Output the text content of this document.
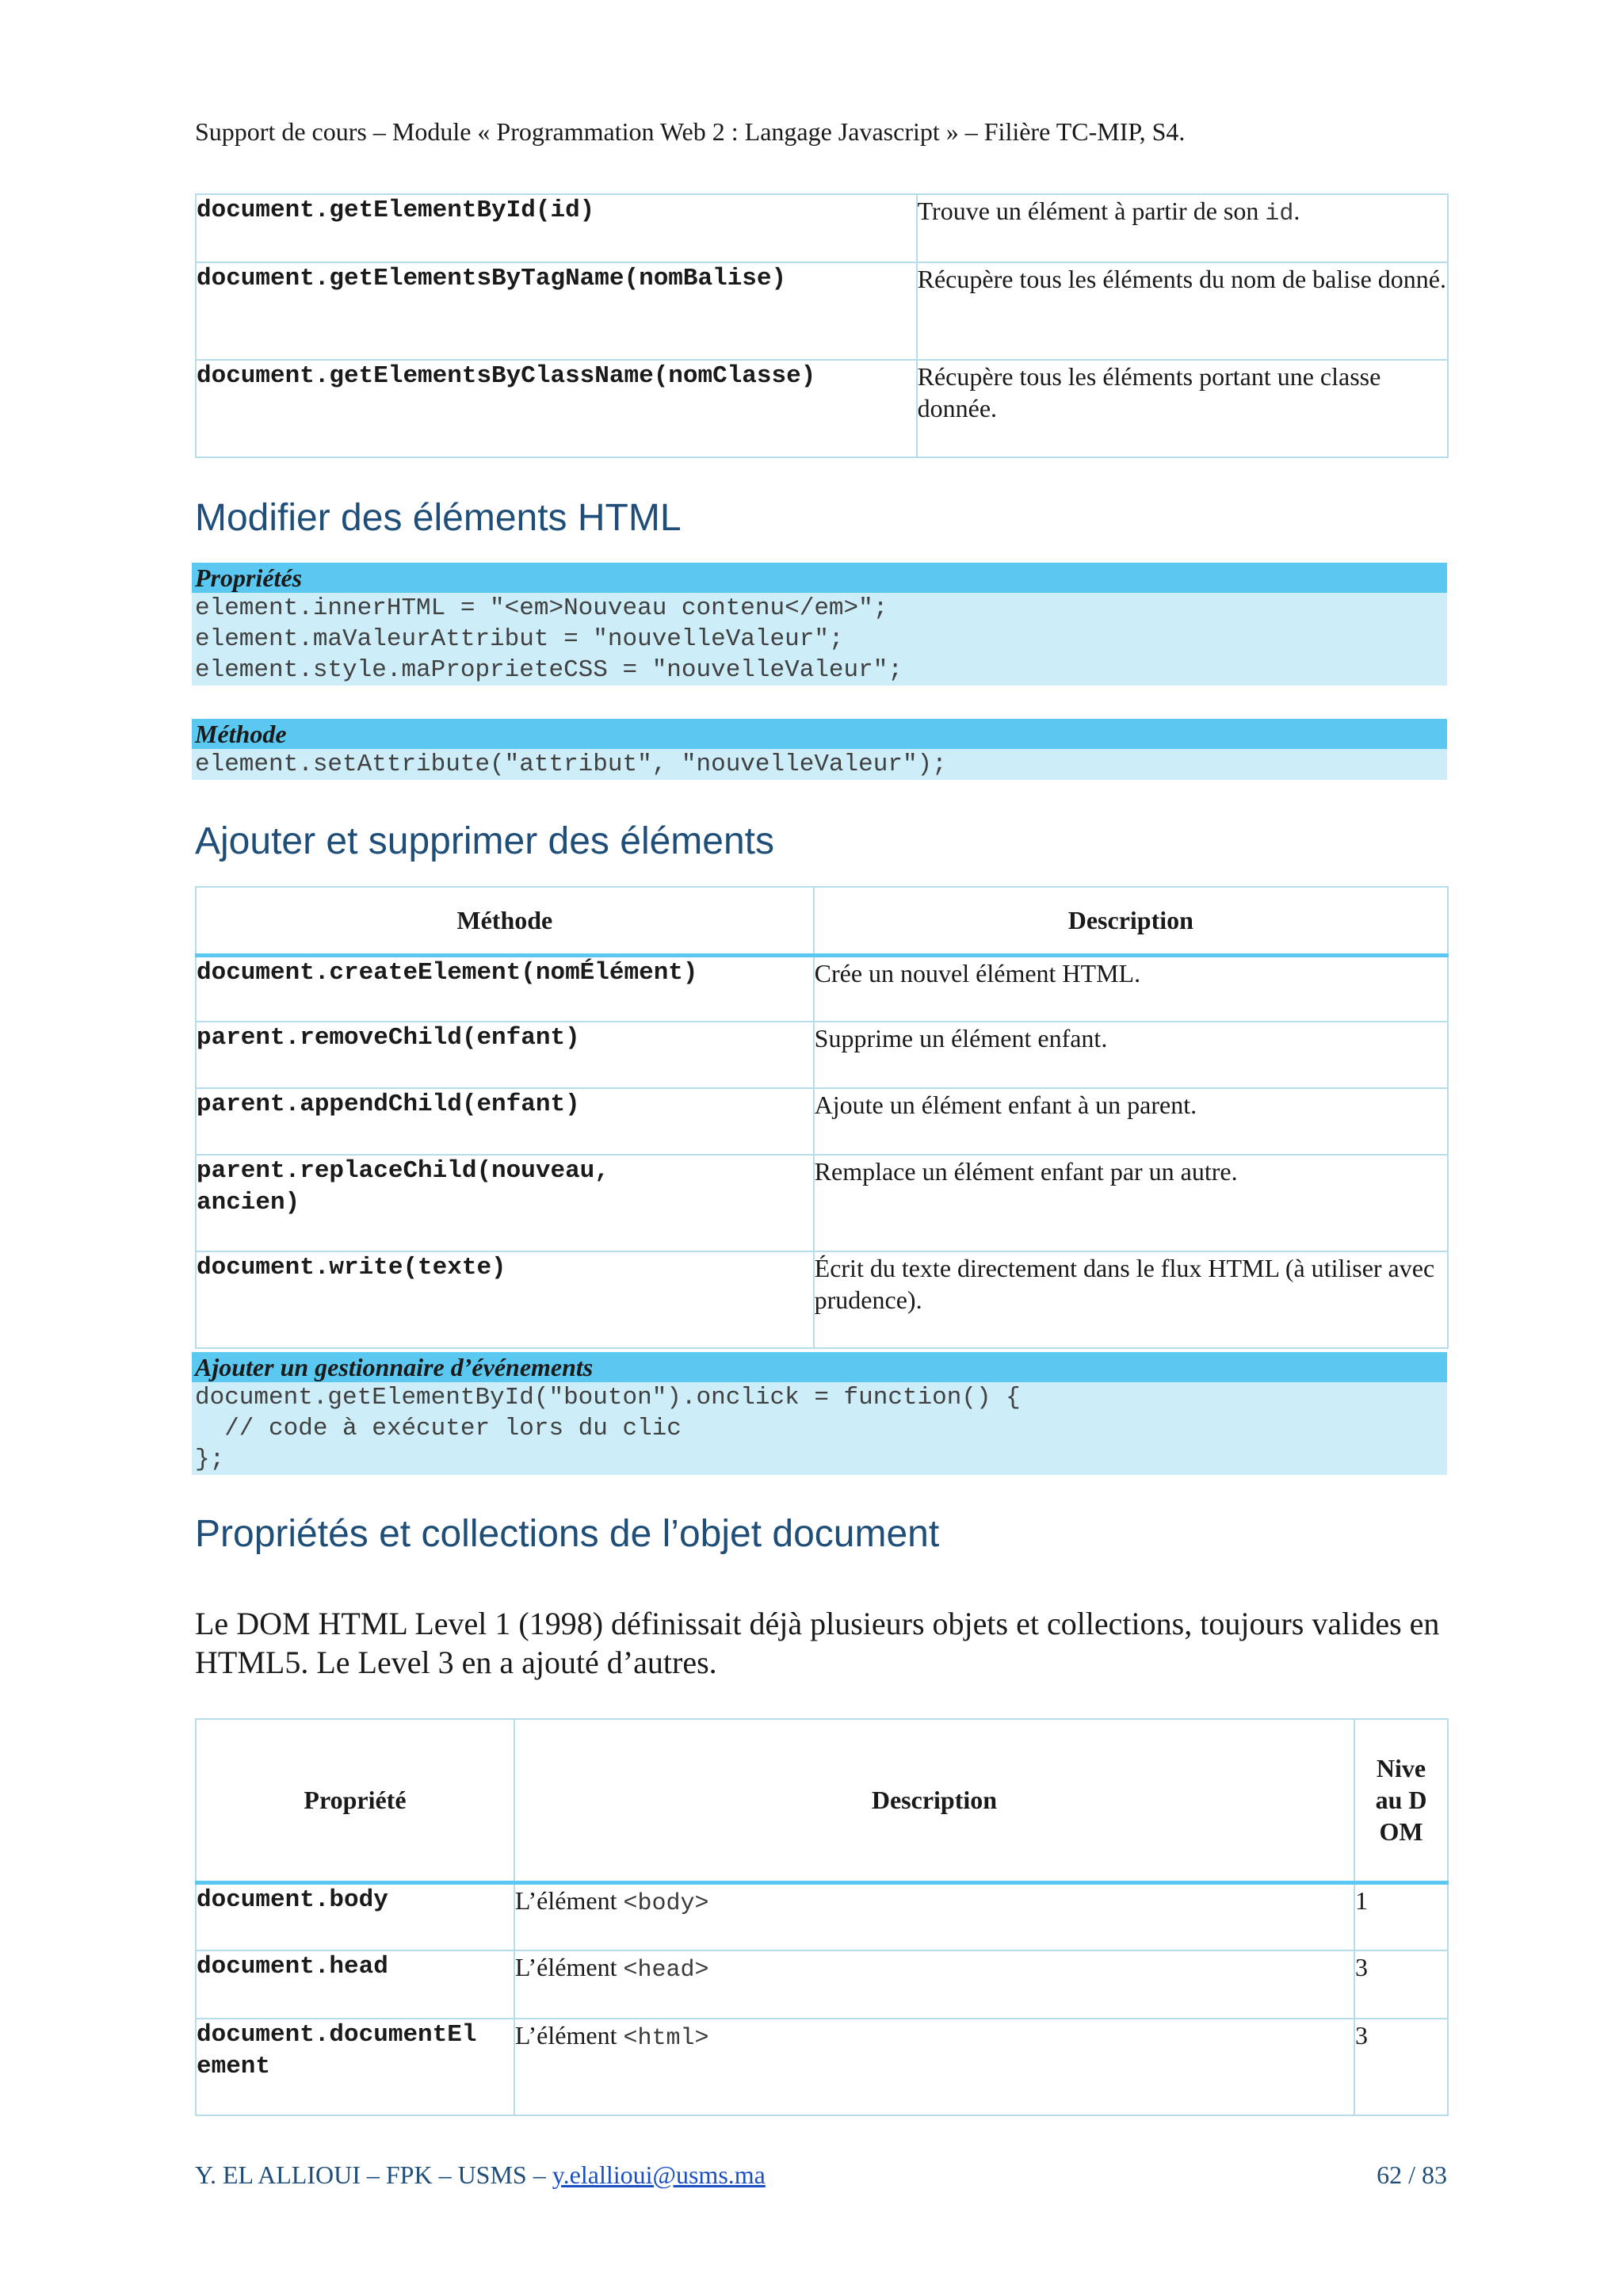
Support de cours – Module « Programmation Web 2 : Langage Javascript » – Filière TC-MIP, S4.
document.getElementById(id)	Trouve un élément à partir de son id.
document.getElementsByTagName(nomBalise)	Récupère tous les éléments du nom de balise donné.
document.getElementsByClassName(nomClasse)	Récupère tous les éléments portant une classe donnée.
Modifier des éléments HTML
Propriétés
element.innerHTML = "<em>Nouveau contenu</em>";
element.maValeurAttribut = "nouvelleValeur";
element.style.maProprieteCSS = "nouvelleValeur";
Méthode
element.setAttribute("attribut", "nouvelleValeur");
Ajouter et supprimer des éléments
Méthode	Description
document.createElement(nomÉlément)	Crée un nouvel élément HTML.
parent.removeChild(enfant)	Supprime un élément enfant.
parent.appendChild(enfant)	Ajoute un élément enfant à un parent.

parent.replaceChild(nouveau, ancien)	Remplace un élément enfant par un autre.
document.write(texte)	Écrit du texte directement dans le flux HTML (à utiliser avec prudence).
Ajouter un gestionnaire d’événements
document.getElementById("bouton").onclick = function() {
// code à exécuter lors du clic
};
Propriétés et collections de l’objet document
Le DOM HTML Level 1 (1998) définissait déjà plusieurs objets et collections, toujours valides en HTML5. Le Level 3 en a ajouté d’autres.
Propriété	Description	Niveau DOM

document.body	L’élément <body>	1
document.head	L’élément <head>	3

document.documentElement	L’élément <html>	3
Y. EL ALLIOUI – FPK – USMS – y.elallioui@usms.ma	62 / 83
